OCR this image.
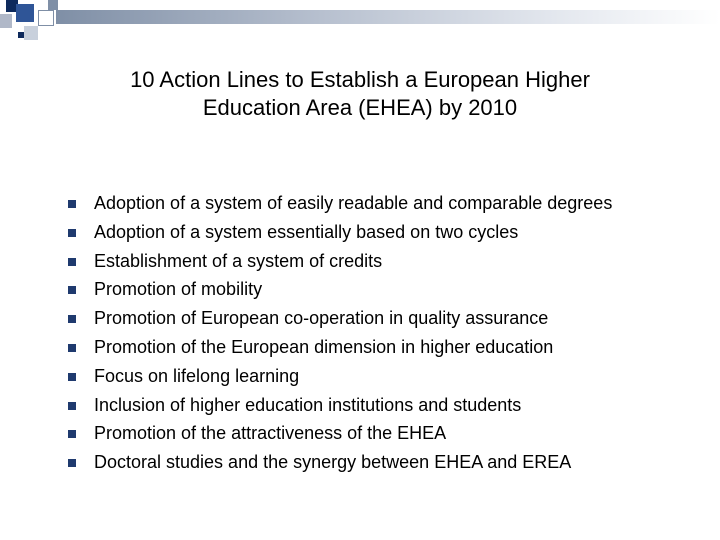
10 Action Lines to Establish a European Higher
Education Area (EHEA) by 2010
Adoption of a system of easily readable and comparable degrees
Adoption of a system essentially based on two cycles
Establishment of a system of credits
Promotion of mobility
Promotion of European co-operation in quality assurance
Promotion of the European dimension in higher education
Focus on lifelong learning
Inclusion of higher education institutions and students
Promotion of the attractiveness of the EHEA
Doctoral studies and the synergy between EHEA and EREA
